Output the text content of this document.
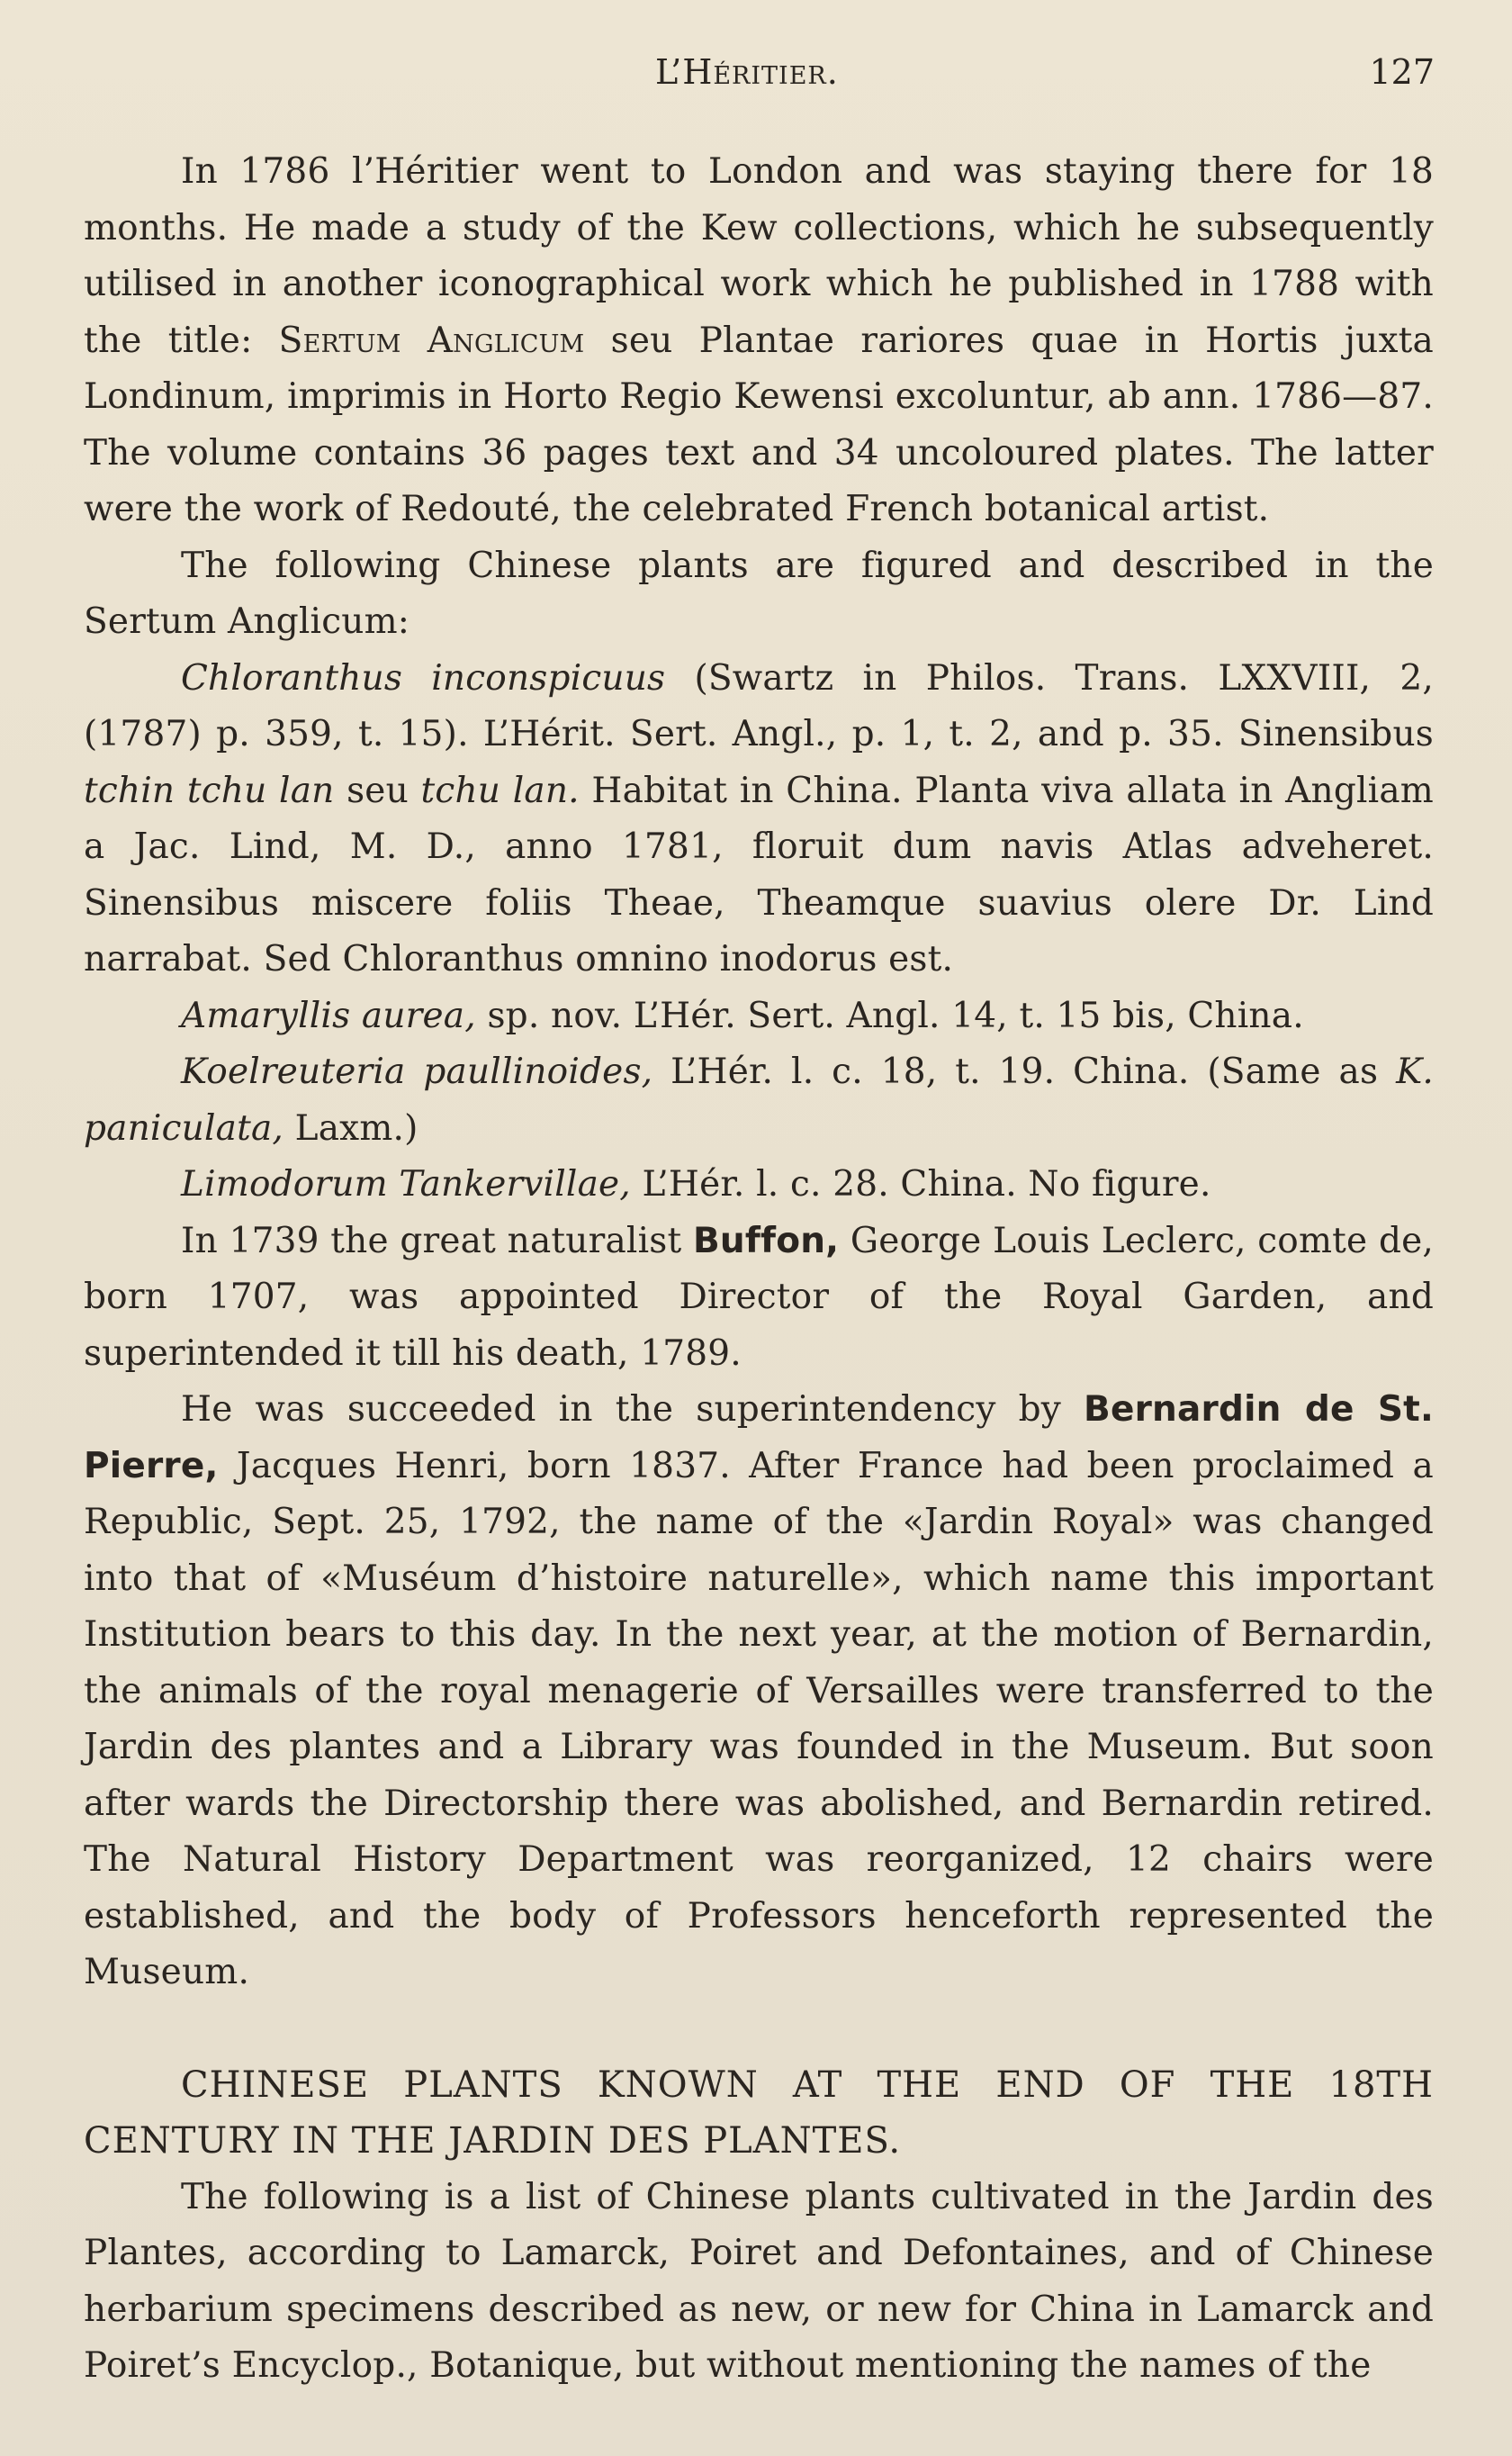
L’Héritier.	127

In 1786 l’Héritier went to London and was staying there for 18 months. He made a study of the Kew collections, which he subsequently utilised in another iconographical work which he published in 1788 with the title: Sertum Anglicum seu Plantae rariores quae in Hortis juxta Londinum, imprimis in Horto Regio Kewensi excoluntur, ab ann. 1786—87. The volume contains 36 pages text and 34 uncoloured plates. The latter were the work of Redouté, the celebrated French botanical artist.

The following Chinese plants are figured and described in the Sertum Anglicum:

Chloranthus inconspicuus (Swartz in Philos. Trans. LXXVIII, 2, (1787) p. 359, t. 15). L’Hérit. Sert. Angl., p. 1, t. 2, and p. 35. Sinensibus tchin tchu lan seu tchu lan. Habitat in China. Planta viva allata in Angliam a Jac. Lind, M. D., anno 1781, floruit dum navis Atlas adveheret. Sinensibus miscere foliis Theae, Theamque suavius olere Dr. Lind narrabat. Sed Chloranthus omnino inodorus est.

Amaryllis aurea, sp. nov. L’Hér. Sert. Angl. 14, t. 15 bis, China.

Koelreuteria paullinoides, L’Hér. l. c. 18, t. 19. China. (Same as K. paniculata, Laxm.)

Limodorum Tankervillae, L’Hér. l. c. 28. China. No figure.

In 1739 the great naturalist Buffon, George Louis Leclerc, comte de, born 1707, was appointed Director of the Royal Garden, and superintended it till his death, 1789.

He was succeeded in the superintendency by Bernardin de St. Pierre, Jacques Henri, born 1837. After France had been proclaimed a Republic, Sept. 25, 1792, the name of the «Jardin Royal» was changed into that of «Muséum d’histoire naturelle», which name this important Institution bears to this day. In the next year, at the motion of Bernardin, the animals of the royal menagerie of Versailles were transferred to the Jardin des plantes and a Library was founded in the Museum. But soon after wards the Directorship there was abolished, and Bernardin retired. The Natural History Department was reorganized, 12 chairs were established, and the body of Professors henceforth represented the Museum.

CHINESE PLANTS KNOWN AT THE END OF THE 18TH CENTURY IN THE JARDIN DES PLANTES.

The following is a list of Chinese plants cultivated in the Jardin des Plantes, according to Lamarck, Poiret and Defontaines, and of Chinese herbarium specimens described as new, or new for China in Lamarck and Poiret’s Encyclop., Botanique, but without mentioning the names of the
